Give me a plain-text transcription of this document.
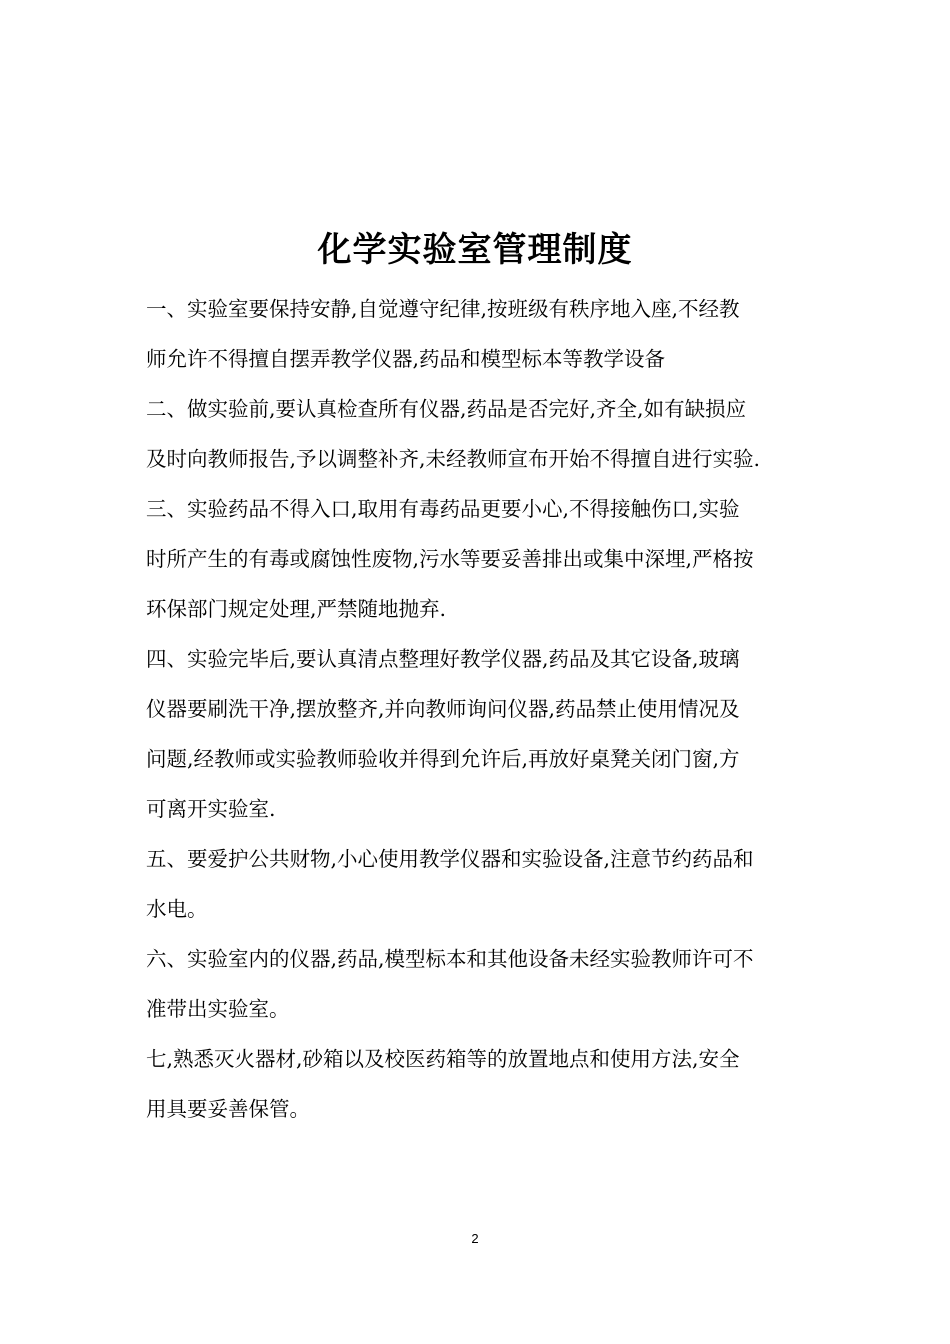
化学实验室管理制度

一、实验室要保持安静,自觉遵守纪律,按班级有秩序地入座,不经教
师允许不得擅自摆弄教学仪器,药品和模型标本等教学设备

二、做实验前,要认真检查所有仪器,药品是否完好,齐全,如有缺损应
及时向教师报告,予以调整补齐,未经教师宣布开始不得擅自进行实验.

三、实验药品不得入口,取用有毒药品更要小心,不得接触伤口,实验
时所产生的有毒或腐蚀性废物,污水等要妥善排出或集中深埋,严格按
环保部门规定处理,严禁随地抛弃.

四、实验完毕后,要认真清点整理好教学仪器,药品及其它设备,玻璃
仪器要刷洗干净,摆放整齐,并向教师询问仪器,药品禁止使用情况及
问题,经教师或实验教师验收并得到允许后,再放好桌凳关闭门窗,方
可离开实验室.

五、要爱护公共财物,小心使用教学仪器和实验设备,注意节约药品和
水电。

六、实验室内的仪器,药品,模型标本和其他设备未经实验教师许可不
准带出实验室。

七,熟悉灭火器材,砂箱以及校医药箱等的放置地点和使用方法,安全
用具要妥善保管。

2
